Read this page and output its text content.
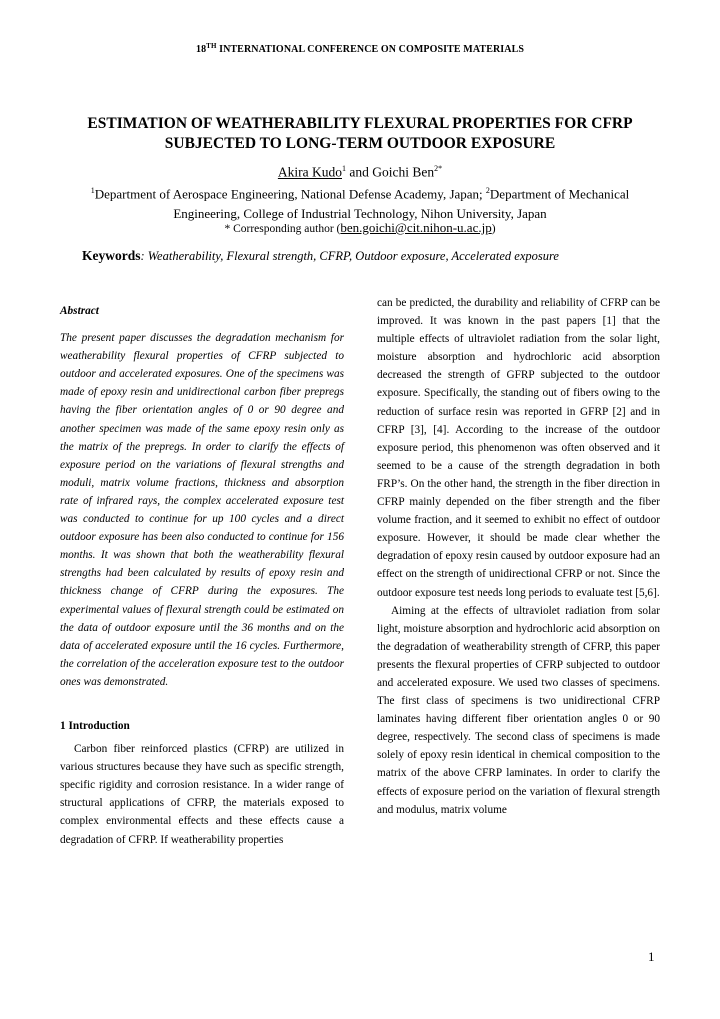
18TH INTERNATIONAL CONFERENCE ON COMPOSITE MATERIALS
ESTIMATION OF WEATHERABILITY FLEXURAL PROPERTIES FOR CFRP SUBJECTED TO LONG-TERM OUTDOOR EXPOSURE
Akira Kudo$^1$ and Goichi Ben$^{2*}$
$^1$Department of Aerospace Engineering, National Defense Academy, Japan; $^2$Department of Mechanical Engineering, College of Industrial Technology, Nihon University, Japan
* Corresponding author (ben.goichi@cit.nihon-u.ac.jp)
Keywords: Weatherability, Flexural strength, CFRP, Outdoor exposure, Accelerated exposure

Abstract

The present paper discusses the degradation mechanism for weatherability flexural properties of CFRP subjected to outdoor and accelerated exposures. One of the specimens was made of epoxy resin and unidirectional carbon fiber prepregs having the fiber orientation angles of 0 or 90 degree and another specimen was made of the same epoxy resin only as the matrix of the prepregs. In order to clarify the effects of exposure period on the variations of flexural strengths and moduli, matrix volume fractions, thickness and absorption rate of infrared rays, the complex accelerated exposure test was conducted to continue for up 100 cycles and a direct outdoor exposure has been also conducted to continue for 156 months. It was shown that both the weatherability flexural strengths had been calculated by results of epoxy resin and thickness change of CFRP during the exposures. The experimental values of flexural strength could be estimated on the data of outdoor exposure until the 36 months and on the data of accelerated exposure until the 16 cycles. Furthermore, the correlation of the acceleration exposure test to the outdoor ones was demonstrated.

1 Introduction

Carbon fiber reinforced plastics (CFRP) are utilized in various structures because they have such as specific strength, specific rigidity and corrosion resistance. In a wider range of structural applications of CFRP, the materials exposed to complex environmental effects and these effects cause a degradation of CFRP. If weatherability properties

can be predicted, the durability and reliability of CFRP can be improved. It was known in the past papers [1] that the multiple effects of ultraviolet radiation from the solar light, moisture absorption and hydrochloric acid absorption decreased the strength of GFRP subjected to the outdoor exposure. Specifically, the standing out of fibers owing to the reduction of surface resin was reported in GFRP [2] and in CFRP [3], [4]. According to the increase of the outdoor exposure period, this phenomenon was often observed and it seemed to be a cause of the strength degradation in both FRP’s. On the other hand, the strength in the fiber direction in CFRP mainly depended on the fiber strength and the fiber volume fraction, and it seemed to exhibit no effect of outdoor exposure. However, it should be made clear whether the degradation of epoxy resin caused by outdoor exposure had an effect on the strength of unidirectional CFRP or not. Since the outdoor exposure test needs long periods to evaluate test [5,6].

Aiming at the effects of ultraviolet radiation from solar light, moisture absorption and hydrochloric acid absorption on the degradation of weatherability strength of CFRP, this paper presents the flexural properties of CFRP subjected to outdoor and accelerated exposure. We used two classes of specimens. The first class of specimens is two unidirectional CFRP laminates having different fiber orientation angles 0 or 90 degree, respectively. The second class of specimens is made solely of epoxy resin identical in chemical composition to the matrix of the above CFRP laminates. In order to clarify the effects of exposure period on the variation of flexural strength and modulus, matrix volume

1
